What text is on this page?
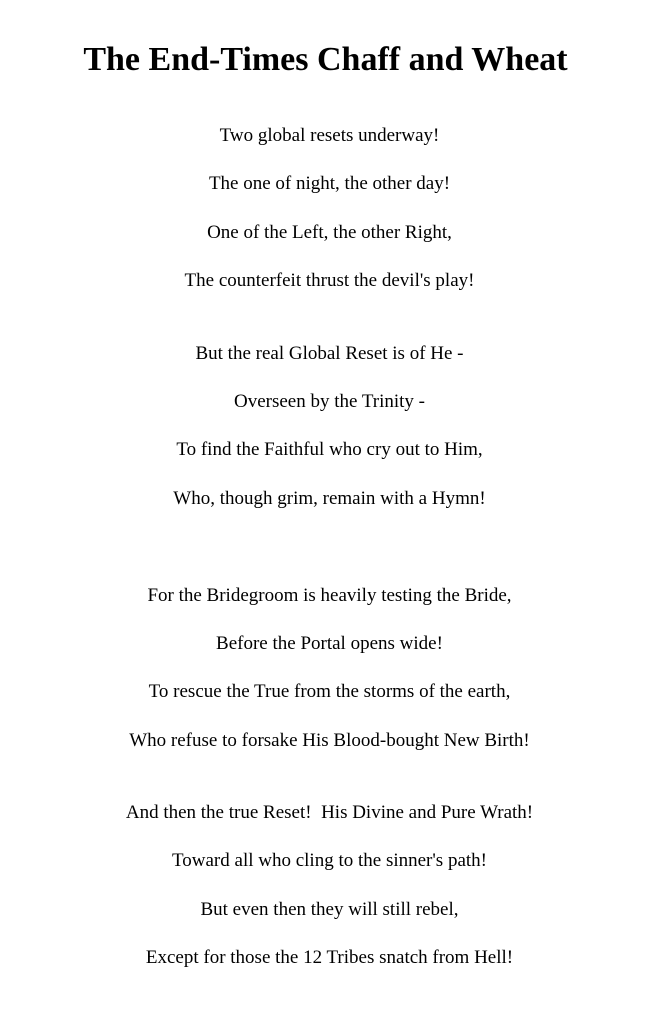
The End-Times Chaff and Wheat
Two global resets underway!
The one of night, the other day!
One of the Left, the other Right,
The counterfeit thrust the devil's play!
But the real Global Reset is of He -
Overseen by the Trinity -
To find the Faithful who cry out to Him,
Who, though grim, remain with a Hymn!
For the Bridegroom is heavily testing the Bride,
Before the Portal opens wide!
To rescue the True from the storms of the earth,
Who refuse to forsake His Blood-bought New Birth!
And then the true Reset!  His Divine and Pure Wrath!
Toward all who cling to the sinner's path!
But even then they will still rebel,
Except for those the 12 Tribes snatch from Hell!
